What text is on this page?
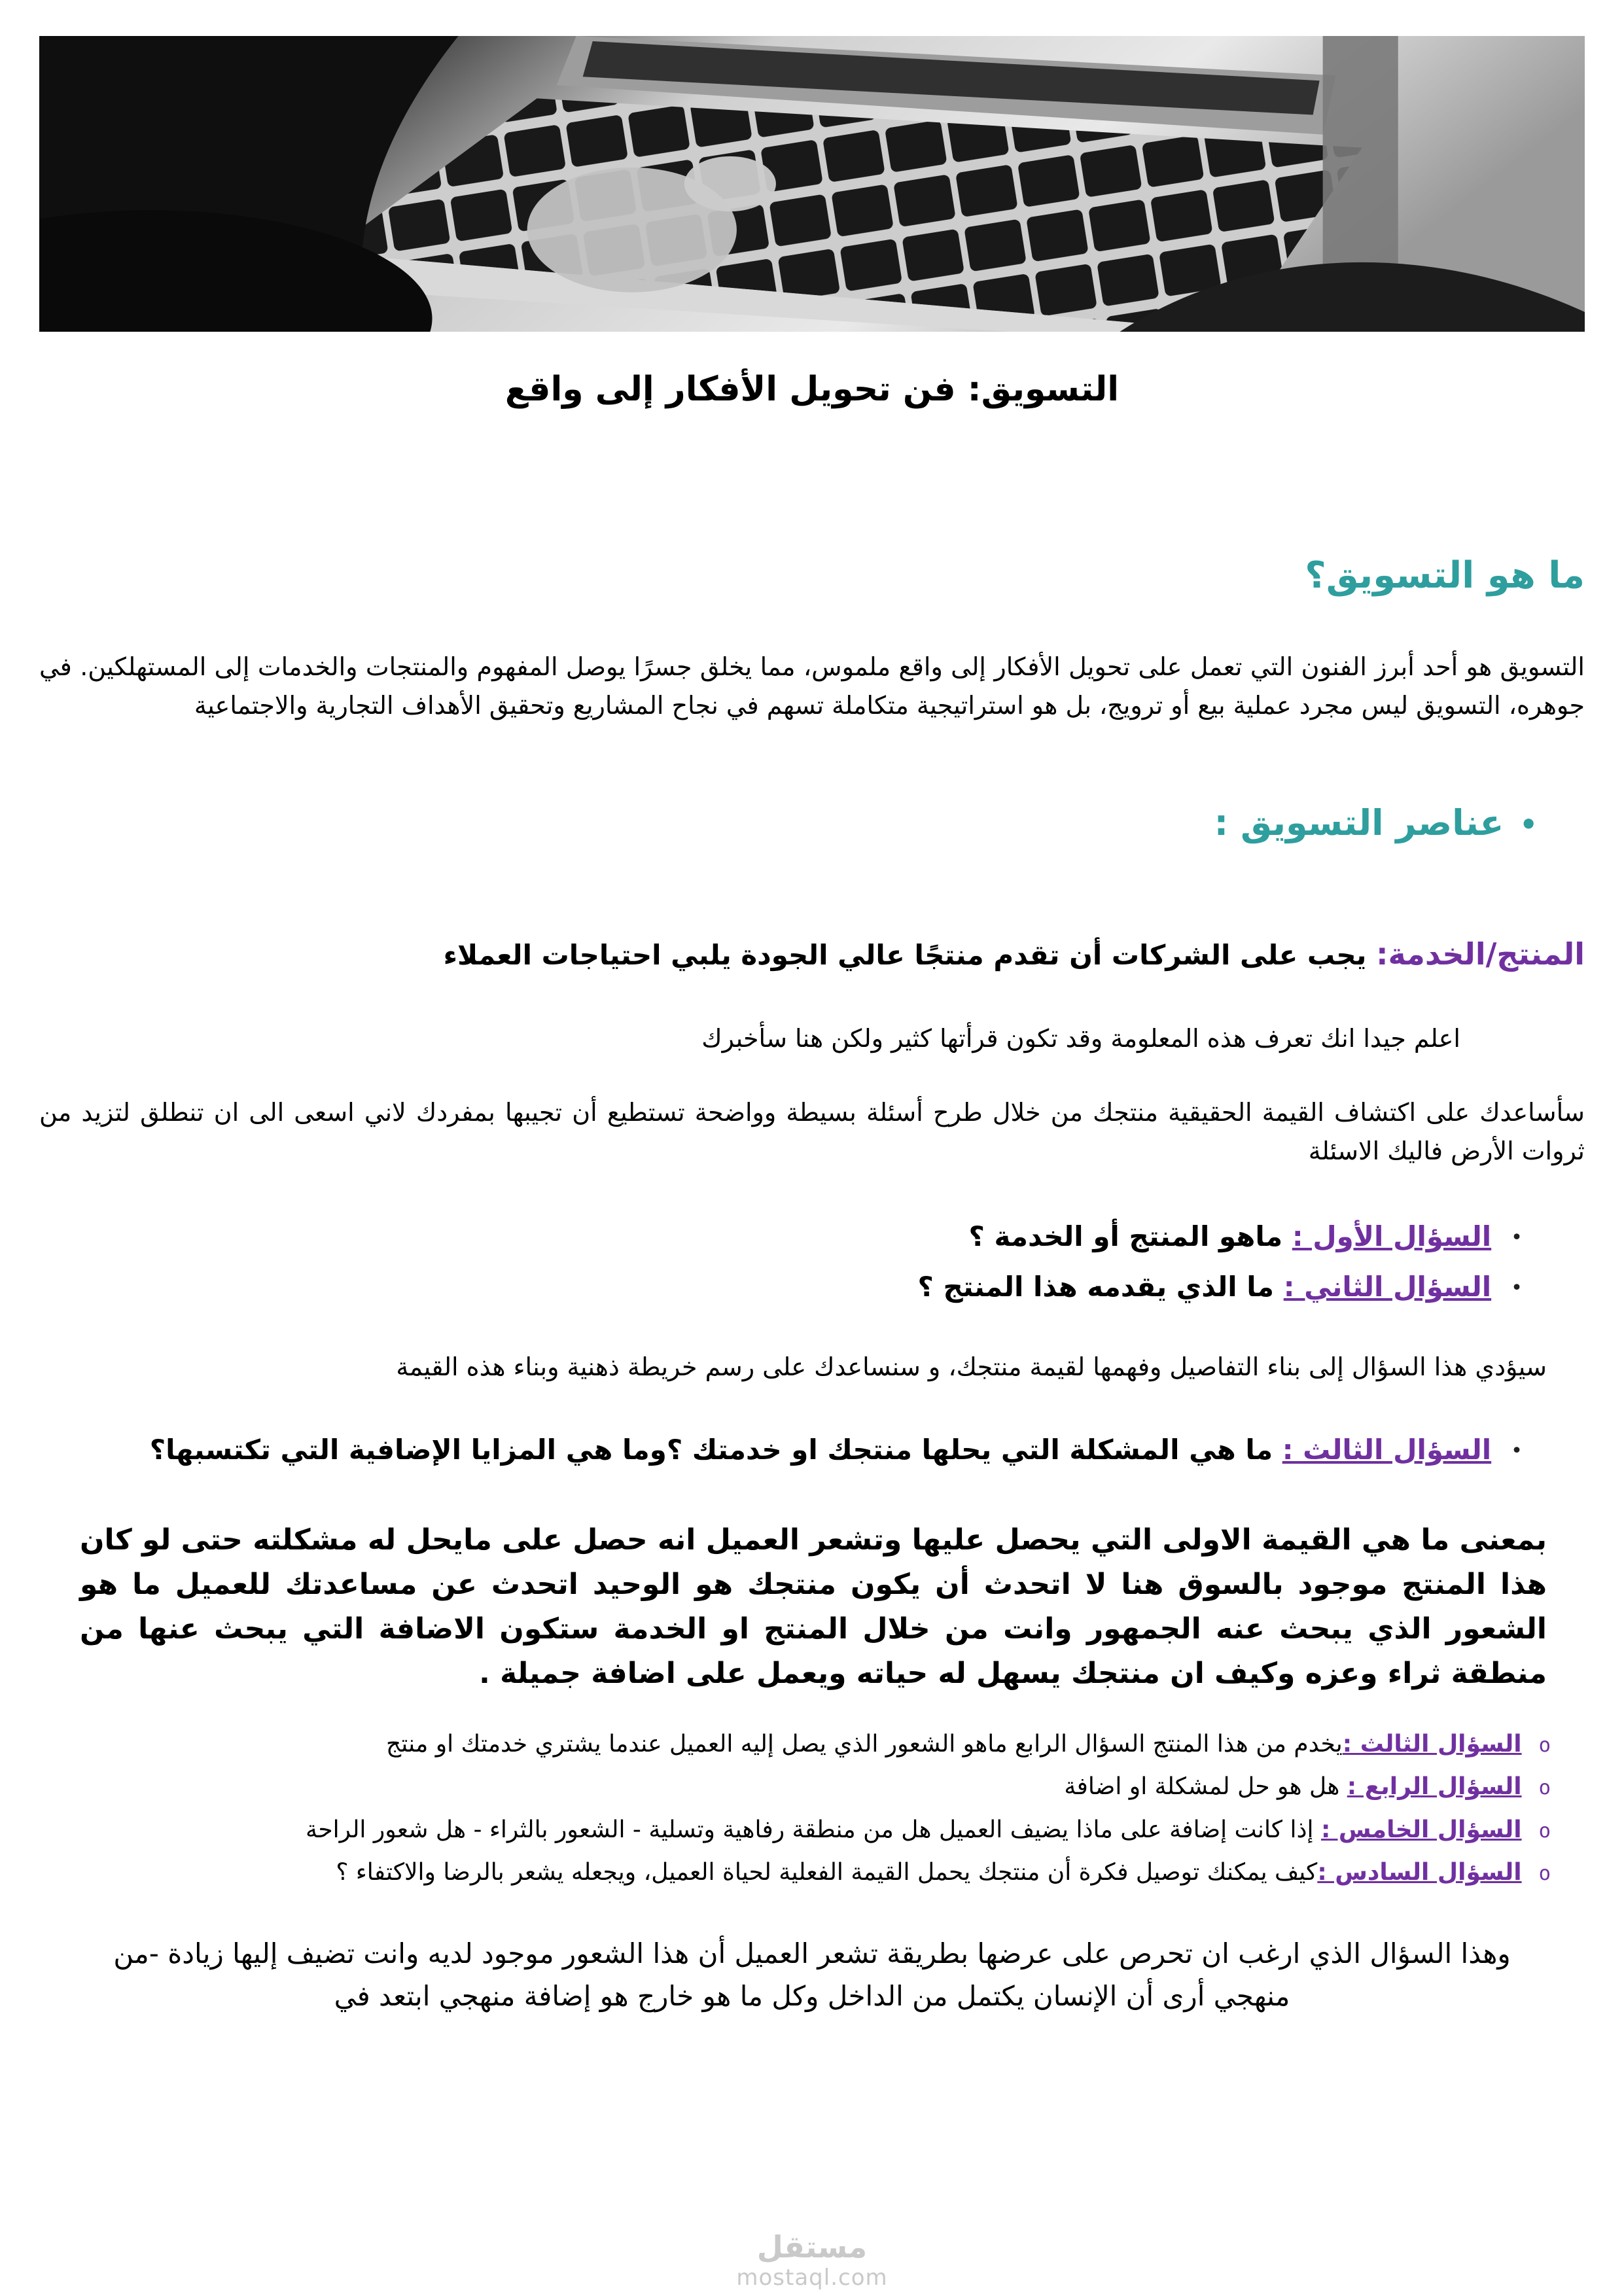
التسويق: فن تحويل الأفكار إلى واقع
ما هو التسويق؟

التسويق هو أحد أبرز الفنون التي تعمل على تحويل الأفكار إلى واقع ملموس، مما يخلق جسرًا يوصل المفهوم والمنتجات والخدمات إلى المستهلكين. في جوهره، التسويق ليس مجرد عملية بيع أو ترويج، بل هو استراتيجية متكاملة تسهم في نجاح المشاريع وتحقيق الأهداف التجارية والاجتماعية

•عناصر التسويق :

المنتج/الخدمة: يجب على الشركات أن تقدم منتجًا عالي الجودة يلبي احتياجات العملاء

اعلم جيدا انك تعرف هذه المعلومة وقد تكون قرأتها كثير ولكن هنا سأخبرك

سأساعدك على اكتشاف القيمة الحقيقية منتجك من خلال طرح أسئلة بسيطة وواضحة تستطيع أن تجيبها بمفردك لاني اسعى الى ان تنطلق لتزيد من ثروات الأرض فاليك الاسئلة

•السؤال الأول : ماهو المنتج أو الخدمة ؟
•السؤال الثاني : ما الذي يقدمه هذا المنتج ؟

سيؤدي هذا السؤال إلى بناء التفاصيل وفهمها لقيمة منتجك، و سنساعدك على رسم خريطة ذهنية وبناء هذه القيمة

•السؤال الثالث : ما هي المشكلة التي يحلها منتجك او خدمتك ؟وما هي المزايا الإضافية التي تكتسبها؟

بمعنى ما هي القيمة الاولى التي يحصل عليها وتشعر العميل انه حصل على مايحل له مشكلته حتى لو كان هذا المنتج موجود بالسوق هنا لا اتحدث أن يكون منتجك هو الوحيد اتحدث عن مساعدتك للعميل ما هو الشعور الذي يبحث عنه الجمهور وانت من خلال المنتج او الخدمة ستكون الاضافة التي يبحث عنها من منطقة ثراء وعزه وكيف ان منتجك يسهل له حياته ويعمل على اضافة جميلة .

oالسؤال الثالث :يخدم من هذا المنتج السؤال الرابع ماهو الشعور الذي يصل إليه العميل عندما يشتري خدمتك او منتج
oالسؤال الرابع : هل هو حل لمشكلة او اضافة
oالسؤال الخامس : إذا كانت إضافة على ماذا يضيف العميل هل من منطقة رفاهية وتسلية - الشعور بالثراء - هل شعور الراحة
oالسؤال السادس :كيف يمكنك توصيل فكرة أن منتجك يحمل القيمة الفعلية لحياة العميل، ويجعله يشعر بالرضا والاكتفاء ؟

وهذا السؤال الذي ارغب ان تحرص على عرضها بطريقة تشعر العميل أن هذا الشعور موجود لديه وانت تضيف إليها زيادة -من منهجي أرى أن الإنسان يكتمل من الداخل وكل ما هو خارج هو إضافة منهجي ابتعد في

مستقل
mostaql.com
